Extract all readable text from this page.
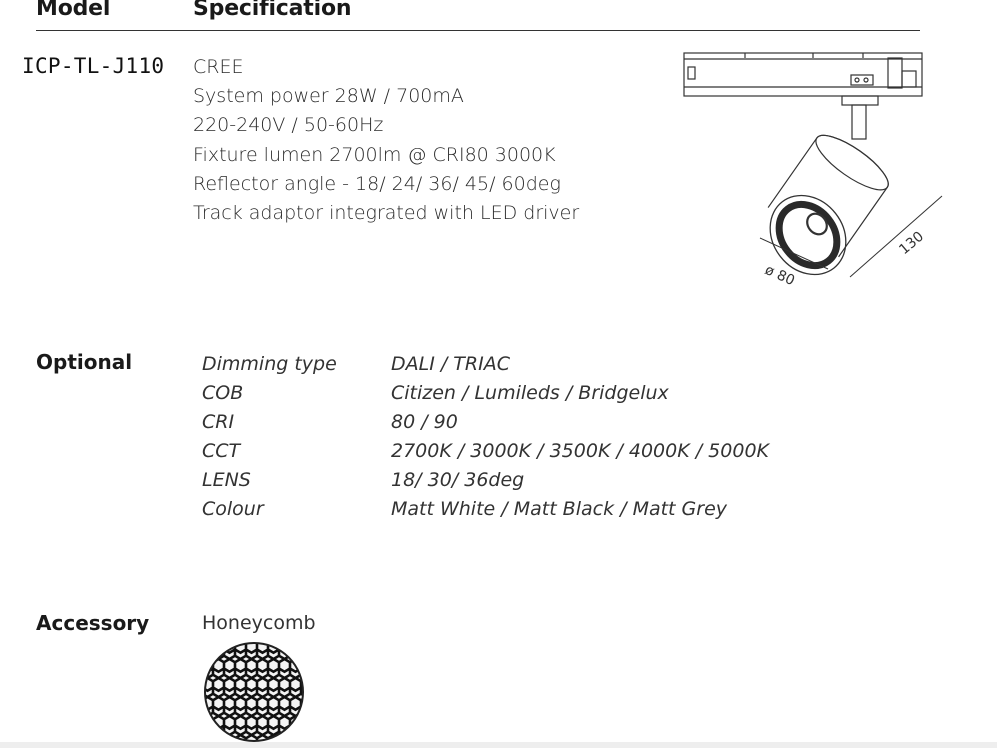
Model	Specification
ICP-TL-J110 CREE
System power 28W / 700mA
220-240V / 50-60Hz
Fixture lumen 2700lm @ CRI80 3000K
Reflector angle - 18/ 24/ 36/ 45/ 60deg
Track adaptor integrated with LED driver
ø 80
130
Optional	Dimming type	DALI / TRIAC
COB	Citizen / Lumileds / Bridgelux
CRI	80 / 90
CCT	2700K / 3000K / 3500K / 4000K / 5000K
LENS	18/ 30/ 36deg
Colour	Matt White / Matt Black / Matt Grey
Accessory	Honeycomb
